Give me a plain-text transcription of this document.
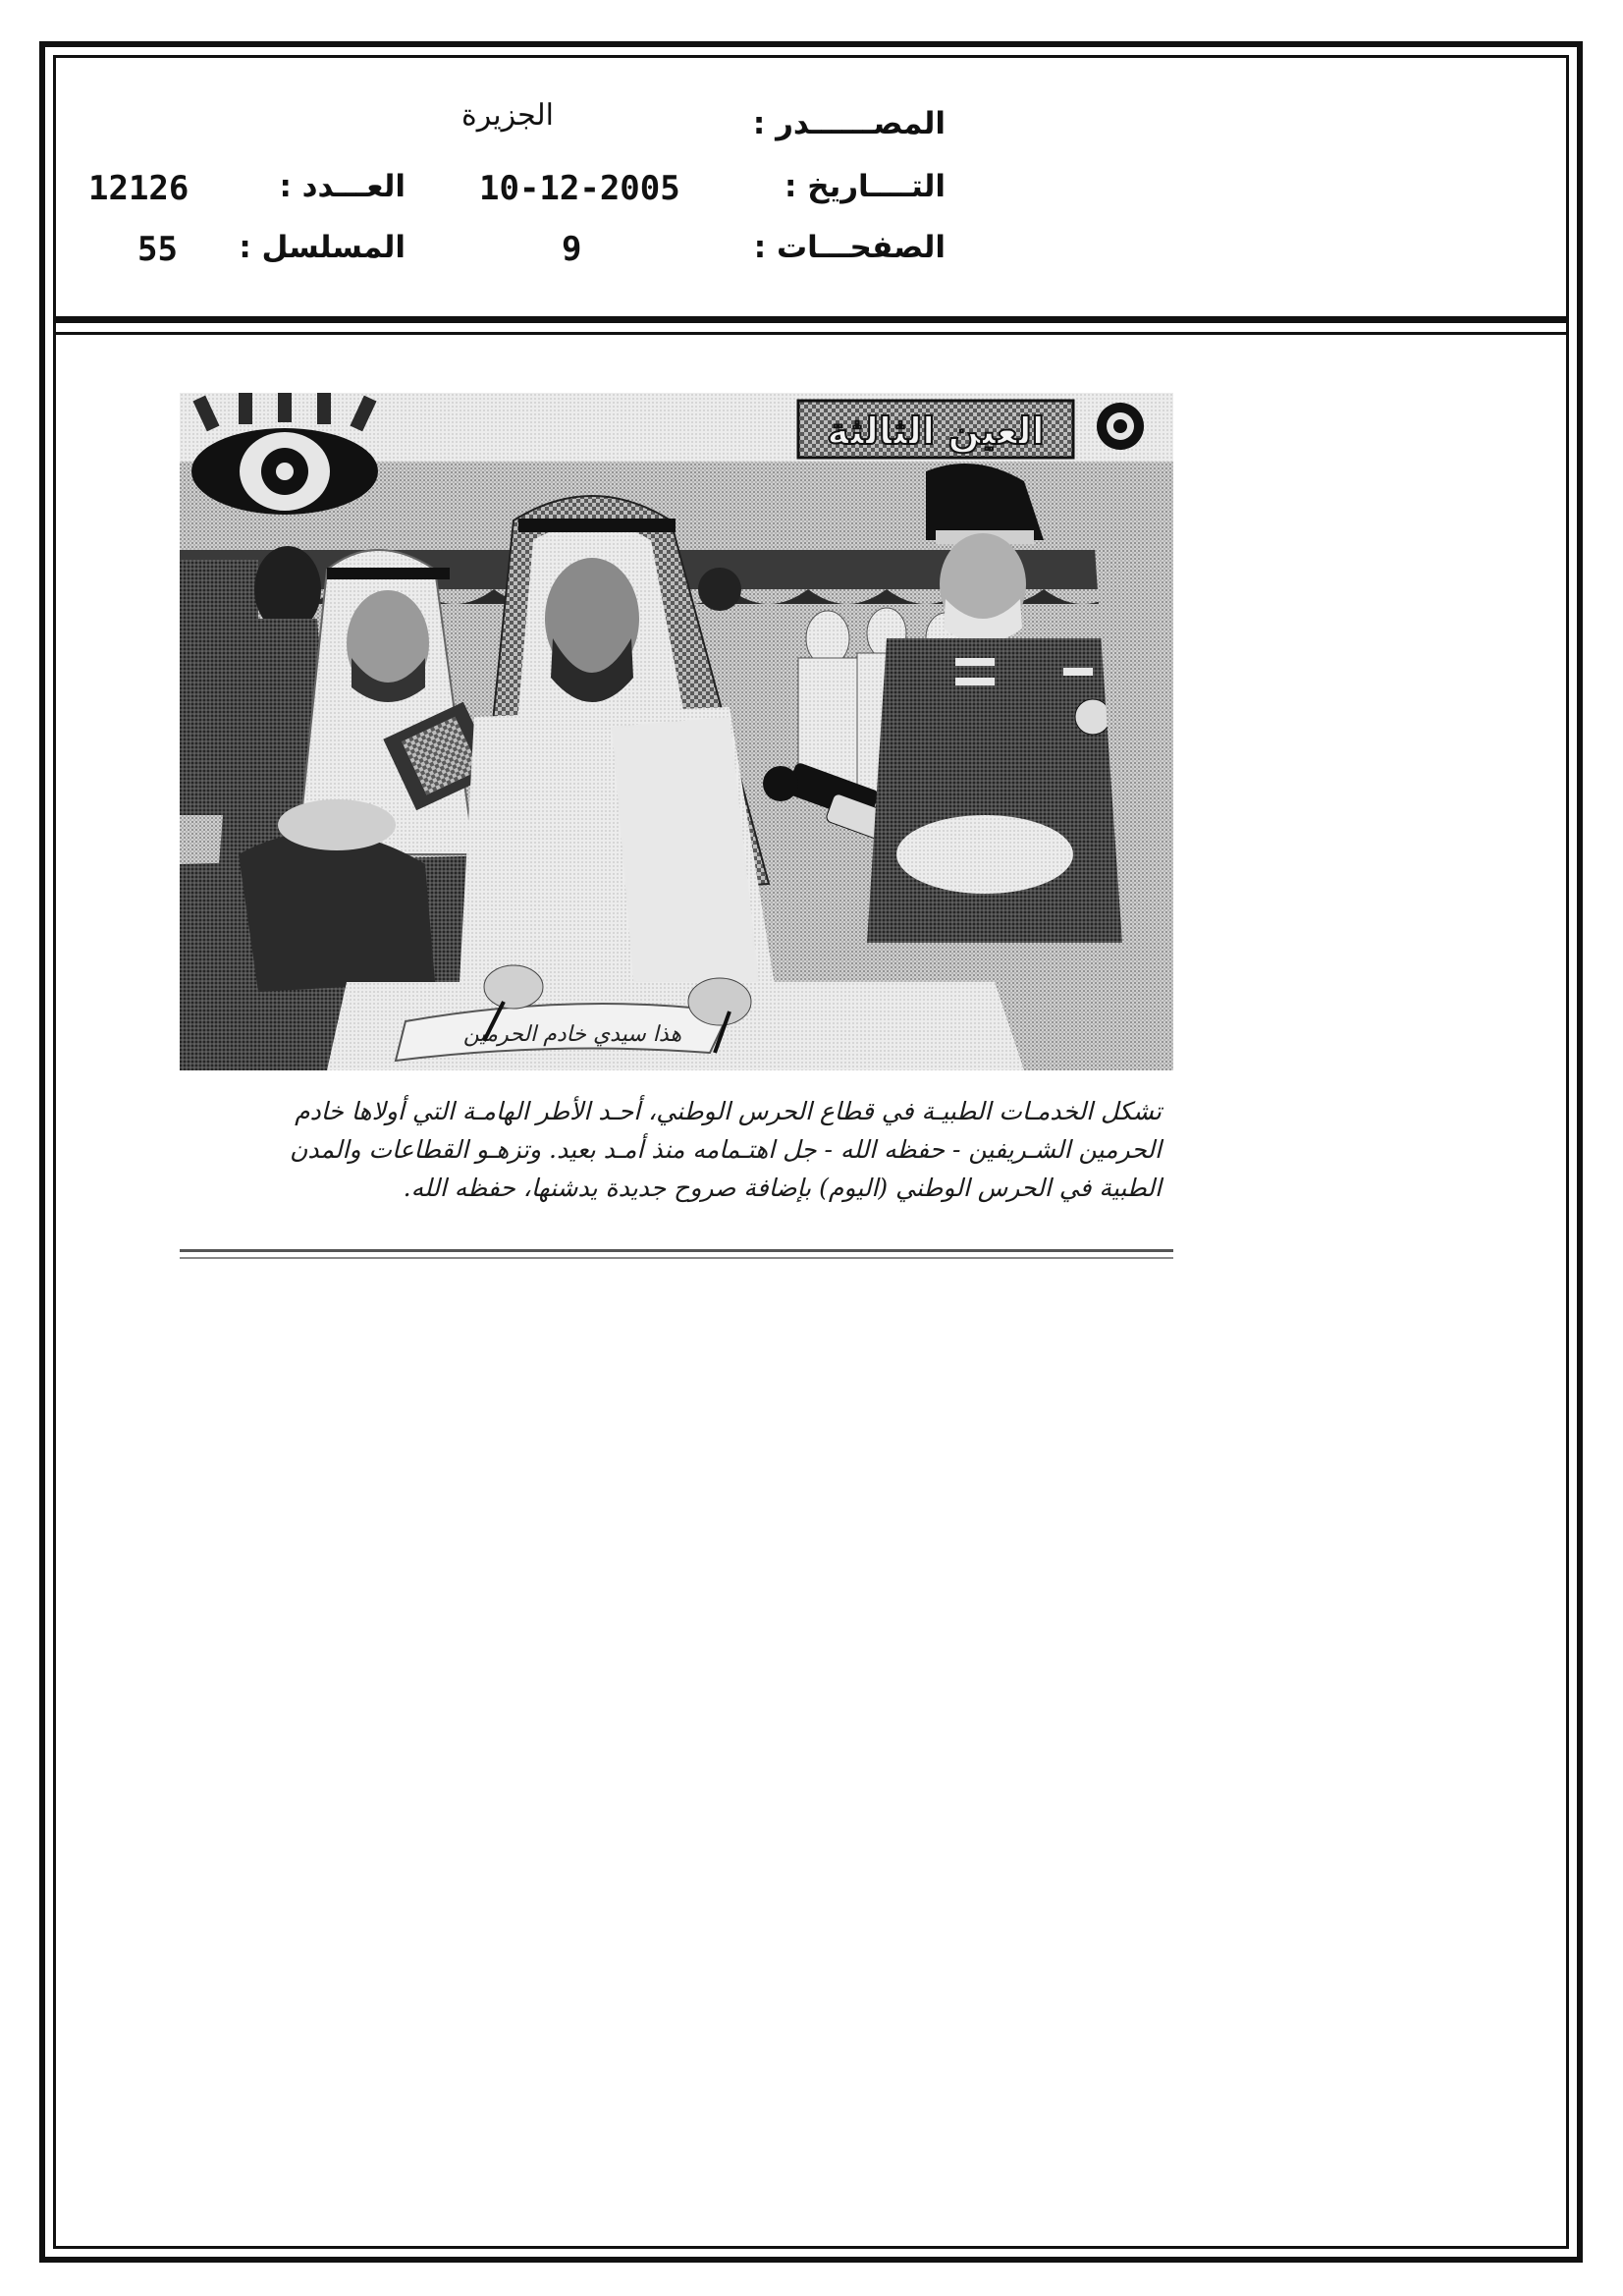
المصــــــدر :
الجزيرة
التــــاريخ :
10-12-2005
العـــدد :
12126
الصفحـــات :
9
المسلسل :
55
العين الثالثة
هذا سيدي خادم الحرمين
تشكل الخدمـات الطبيـة في قطاع الحرس الوطني، أحـد الأطر الهامـة التي أولاها خادم
الحرمين الشـريفين - حفظه الله - جل اهتـمامه منذ أمـد بعيد. وتزهـو القطاعات والمدن
الطبية في الحرس الوطني (اليوم) بإضافة صروح جديدة يدشنها، حفظه الله.
